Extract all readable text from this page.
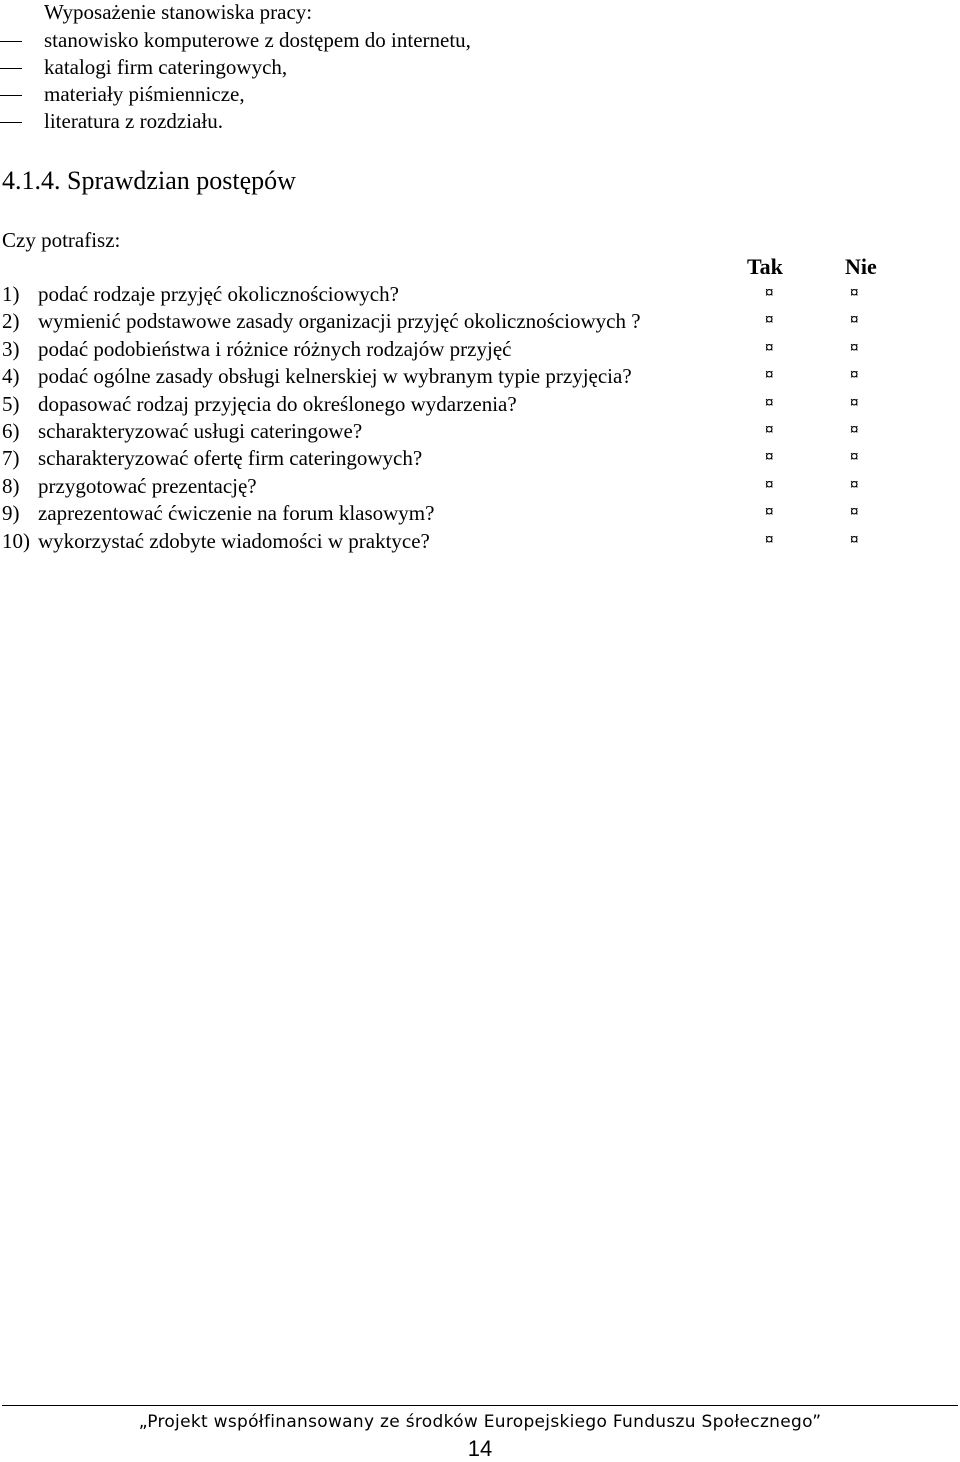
Wyposażenie stanowiska pracy:
stanowisko komputerowe z dostępem do internetu,
katalogi firm cateringowych,
materiały piśmiennicze,
literatura z rozdziału.
4.1.4. Sprawdzian postępów
Czy potrafisz:
Tak	Nie
1) podać rodzaje przyjęć okolicznościowych?	¤	¤
2) wymienić podstawowe zasady organizacji przyjęć okolicznościowych ?	¤	¤
3) podać podobieństwa i różnice różnych rodzajów przyjęć	¤	¤
4) podać ogólne zasady obsługi kelnerskiej w wybranym typie przyjęcia?	¤	¤
5) dopasować rodzaj przyjęcia do określonego wydarzenia?	¤	¤
6) scharakteryzować usługi cateringowe?	¤	¤
7) scharakteryzować ofertę firm cateringowych?	¤	¤
8) przygotować prezentację?	¤	¤
9) zaprezentować ćwiczenie na forum klasowym?	¤	¤
10) wykorzystać zdobyte wiadomości w praktyce?	¤	¤
„Projekt współfinansowany ze środków Europejskiego Funduszu Społecznego”
14
